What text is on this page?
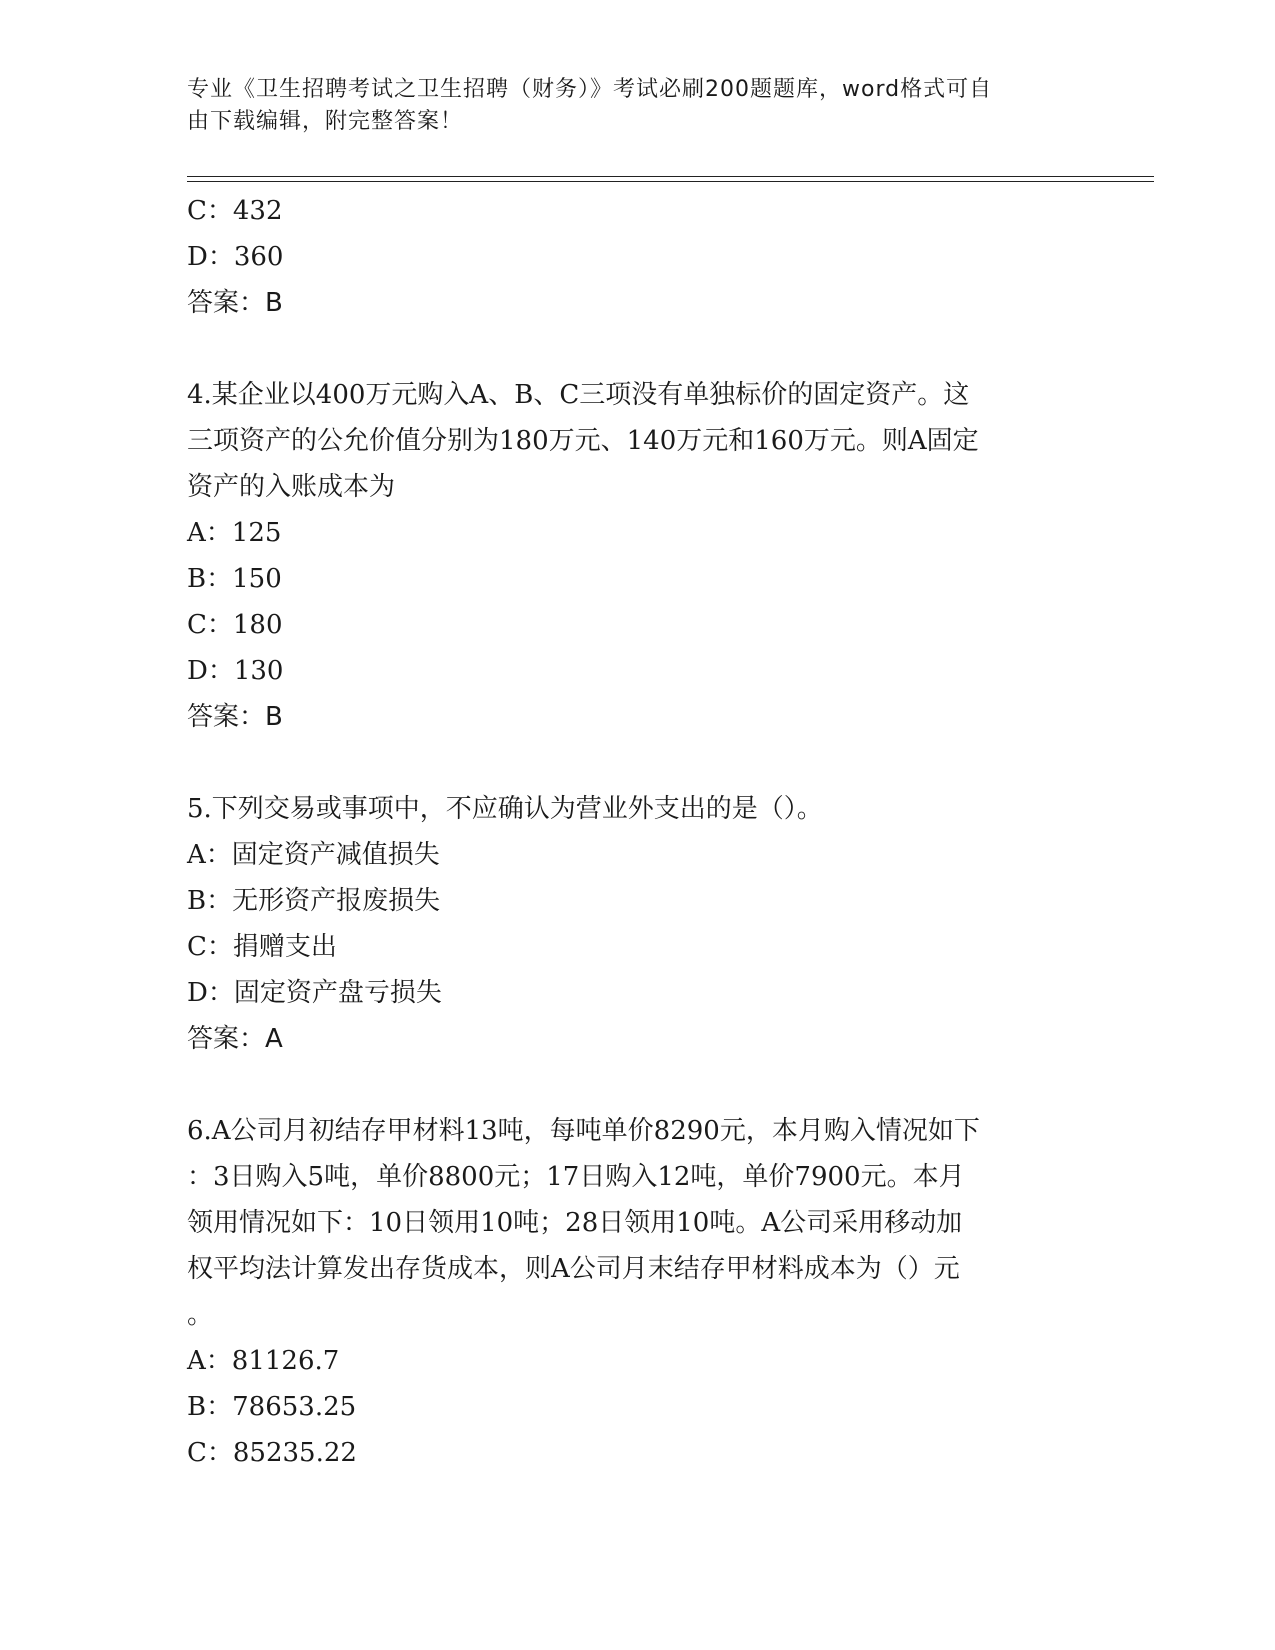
专业《卫生招聘考试之卫生招聘（财务）》考试必刷200题题库，word格式可自
由下载编辑，附完整答案！
C：432
D：360
答案：B
4.某企业以400万元购入A、B、C三项没有单独标价的固定资产。这
三项资产的公允价值分别为180万元、140万元和160万元。则A固定
资产的入账成本为
A：125
B：150
C：180
D：130
答案：B
5.下列交易或事项中，不应确认为营业外支出的是（）。
A：固定资产减值损失
B：无形资产报废损失
C：捐赠支出
D：固定资产盘亏损失
答案：A
6.A公司月初结存甲材料13吨，每吨单价8290元，本月购入情况如下
：3日购入5吨，单价8800元；17日购入12吨，单价7900元。本月
领用情况如下：10日领用10吨；28日领用10吨。A公司采用移动加
权平均法计算发出存货成本，则A公司月末结存甲材料成本为（）元
。
A：81126.7
B：78653.25
C：85235.22
